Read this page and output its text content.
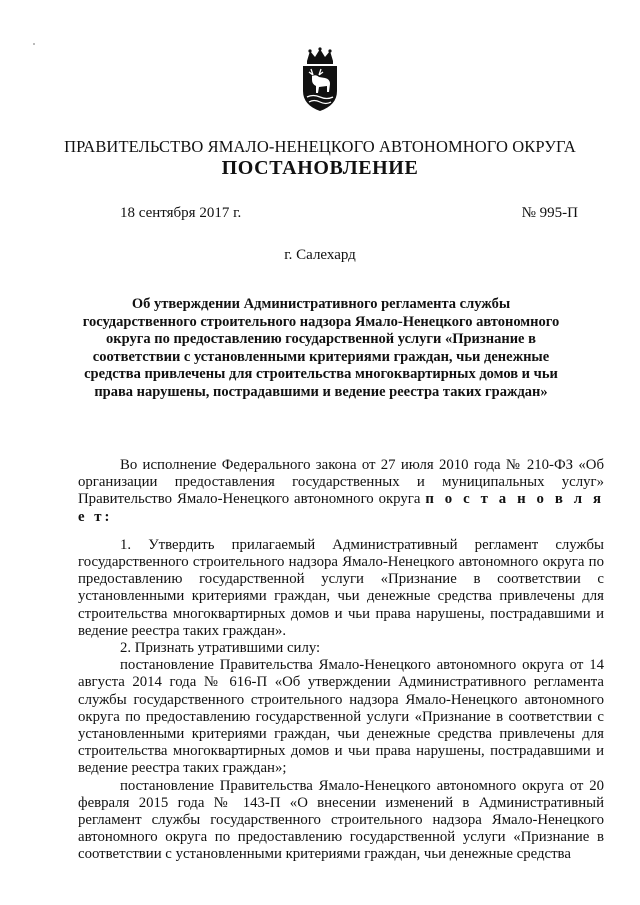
ПРАВИТЕЛЬСТВО ЯМАЛО-НЕНЕЦКОГО АВТОНОМНОГО ОКРУГА
ПОСТАНОВЛЕНИЕ
18 сентября 2017 г.	№ 995-П
г. Салехард
Об утверждении Административного регламента службы государственного строительного надзора Ямало-Ненецкого автономного округа по предоставлению государственной услуги «Признание в соответствии с установленными критериями граждан, чьи денежные средства привлечены для строительства многоквартирных домов и чьи права нарушены, пострадавшими и ведение реестра таких граждан»

Во исполнение Федерального закона от 27 июля 2010 года № 210-ФЗ «Об организации предоставления государственных и муниципальных услуг» Правительство Ямало-Ненецкого автономного округа п о с т а н о в л я е т:

1. Утвердить прилагаемый Административный регламент службы государственного строительного надзора Ямало-Ненецкого автономного округа по предоставлению государственной услуги «Признание в соответствии с установленными критериями граждан, чьи денежные средства привлечены для строительства многоквартирных домов и чьи права нарушены, пострадавшими и ведение реестра таких граждан».

2. Признать утратившими силу:

постановление Правительства Ямало-Ненецкого автономного округа от 14 августа 2014 года № 616-П «Об утверждении Административного регламента службы государственного строительного надзора Ямало-Ненецкого автономного округа по предоставлению государственной услуги «Признание в соответствии с установленными критериями граждан, чьи денежные средства привлечены для строительства многоквартирных домов и чьи права нарушены, пострадавшими и ведение реестра таких граждан»;

постановление Правительства Ямало-Ненецкого автономного округа от 20 февраля 2015 года № 143-П «О внесении изменений в Административный регламент службы государственного строительного надзора Ямало-Ненецкого автономного округа по предоставлению государственной услуги «Признание в соответствии с установленными критериями граждан, чьи денежные средства
